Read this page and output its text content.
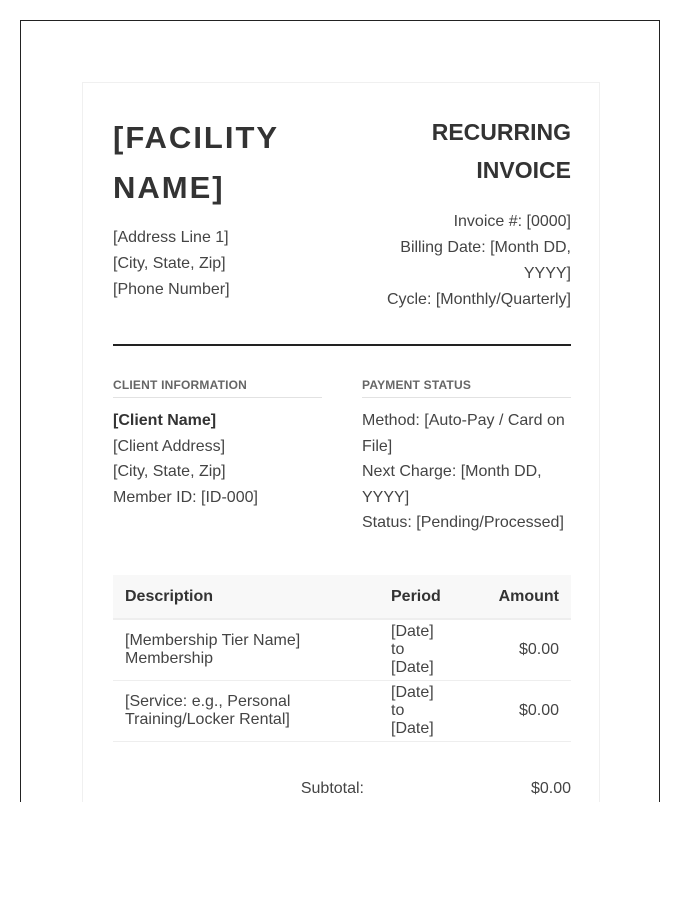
[FACILITY NAME]
[Address Line 1]
[City, State, Zip]
[Phone Number]
RECURRING INVOICE
Invoice #: [0000]
Billing Date: [Month DD, YYYY]
Cycle: [Monthly/Quarterly]
CLIENT INFORMATION
[Client Name]
[Client Address]
[City, State, Zip]
Member ID: [ID-000]
PAYMENT STATUS
Method: [Auto-Pay / Card on File]
Next Charge: [Month DD, YYYY]
Status: [Pending/Processed]
Description	Period	Amount
[Membership Tier Name] Membership	[Date] to [Date]	$0.00
[Service: e.g., Personal Training/Locker Rental]	[Date] to [Date]	$0.00
Subtotal:	$0.00
